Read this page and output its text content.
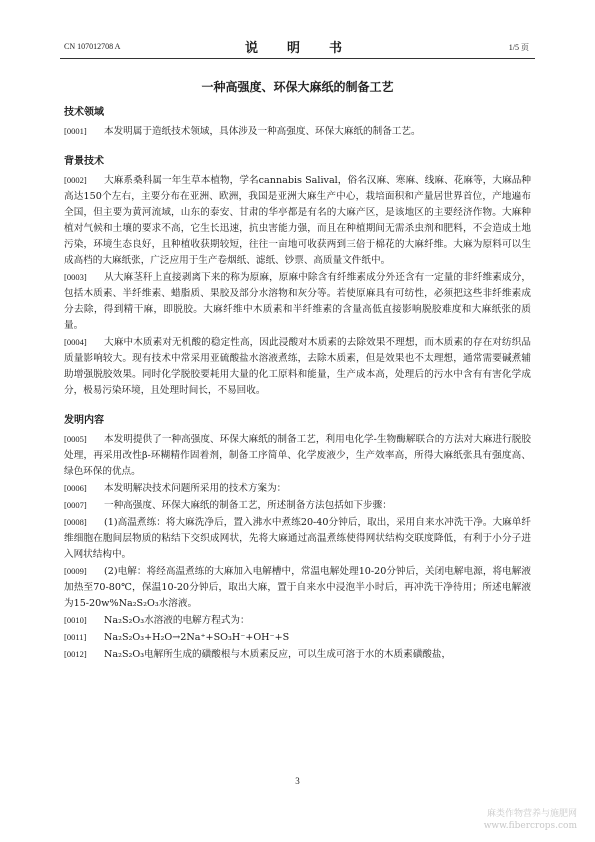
CN 107012708 A	说　明　书	1/5 页
一种高强度、环保大麻纸的制备工艺
技术领域

[0001] 本发明属于造纸技术领域，具体涉及一种高强度、环保大麻纸的制备工艺。

背景技术

[0002] 大麻系桑科属一年生草本植物，学名cannabis Salival，俗名汉麻、寒麻、线麻、花麻等，大麻品种高达150个左右，主要分布在亚洲、欧洲，我国是亚洲大麻生产中心，栽培面积和产量居世界首位，产地遍布全国，但主要为黄河流域，山东的泰安、甘肃的华亭都是有名的大麻产区，是该地区的主要经济作物。大麻种植对气候和土壤的要求不高，它生长迅速，抗虫害能力强，而且在种植期间无需杀虫剂和肥料，不会造成土地污染，环境生态良好，且种植收获期较短，往往一亩地可收获两到三倍于棉花的大麻纤维。大麻为原料可以生成高档的大麻纸张，广泛应用于生产卷烟纸、滤纸、钞票、高质量文件纸中。

[0003] 从大麻茎秆上直接剥离下来的称为原麻，原麻中除含有纤维素成分外还含有一定量的非纤维素成分，包括木质素、半纤维素、蜡脂质、果胶及部分水溶物和灰分等。若使原麻具有可纺性，必须把这些非纤维素成分去除，得到精干麻，即脱胶。大麻纤维中木质素和半纤维素的含量高低直接影响脱胶难度和大麻纸张的质量。

[0004] 大麻中木质素对无机酸的稳定性高，因此浸酸对木质素的去除效果不理想，而木质素的存在对纺织品质量影响较大。现有技术中常采用亚硫酸盐水溶液煮练，去除木质素，但是效果也不太理想，通常需要碱煮辅助增强脱胶效果。同时化学脱胶要耗用大量的化工原料和能量，生产成本高，处理后的污水中含有有害化学成分，极易污染环境，且处理时间长，不易回收。

发明内容

[0005] 本发明提供了一种高强度、环保大麻纸的制备工艺，利用电化学-生物酶解联合的方法对大麻进行脱胶处理，再采用改性β-环糊精作固着剂，制备工序简单、化学废液少，生产效率高，所得大麻纸张具有强度高、绿色环保的优点。

[0006] 本发明解决技术问题所采用的技术方案为：

[0007] 一种高强度、环保大麻纸的制备工艺，所述制备方法包括如下步骤：

[0008] (1)高温煮练：将大麻洗净后，置入沸水中煮练20-40分钟后，取出，采用自来水冲洗干净。大麻单纤维细胞在胞间层物质的粘结下交织成网状，先将大麻通过高温煮练使得网状结构交联度降低，有利于小分子进入网状结构中。

[0009] (2)电解：将经高温煮练的大麻加入电解槽中，常温电解处理10-20分钟后，关闭电解电源，将电解液加热至70-80℃，保温10-20分钟后，取出大麻，置于自来水中浸泡半小时后，再冲洗干净待用；所述电解液为15-20w%Na₂S₂O₃水溶液。

[0010] Na₂S₂O₃水溶液的电解方程式为：

[0011] Na₂S₂O₃+H₂O→2Na⁺+SO₃H⁻+OH⁻+S

[0012] Na₂S₂O₃电解所生成的磺酸根与木质素反应，可以生成可溶于水的木质素磺酸盐，

3
麻类作物营养与施肥网
www.fibercrops.com
